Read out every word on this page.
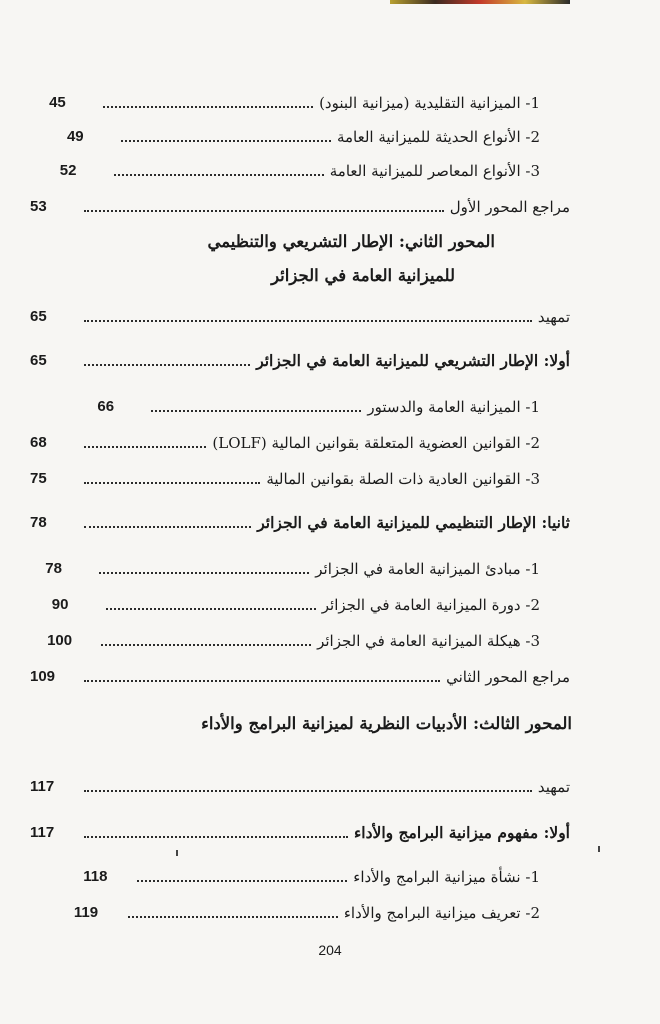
1- الميزانية التقليدية (ميزانية البنود)
45
2- الأنواع الحديثة للميزانية العامة
49
3- الأنواع المعاصر للميزانية العامة
52
مراجع المحور الأول
53
المحور الثاني: الإطار التشريعي والتنظيمي
للميزانية العامة في الجزائر
تمهيد
65
أولا: الإطار التشريعي للميزانية العامة في الجزائر
65
1- الميزانية العامة والدستور
66
2- القوانين العضوية المتعلقة بقوانين المالية (LOLF)
68
3- القوانين العادية ذات الصلة بقوانين المالية
75
ثانيا: الإطار التنظيمي للميزانية العامة في الجزائر
78
1- مبادئ الميزانية العامة في الجزائر
78
2- دورة الميزانية العامة في الجزائر
90
3- هيكلة الميزانية العامة في الجزائر
100
مراجع المحور الثاني
109
المحور الثالث: الأدبيات النظرية لميزانية البرامج والأداء
تمهيد
117
أولا: مفهوم ميزانية البرامج والأداء
117
1- نشأة ميزانية البرامج والأداء
118
2- تعريف ميزانية البرامج والأداء
119
204
